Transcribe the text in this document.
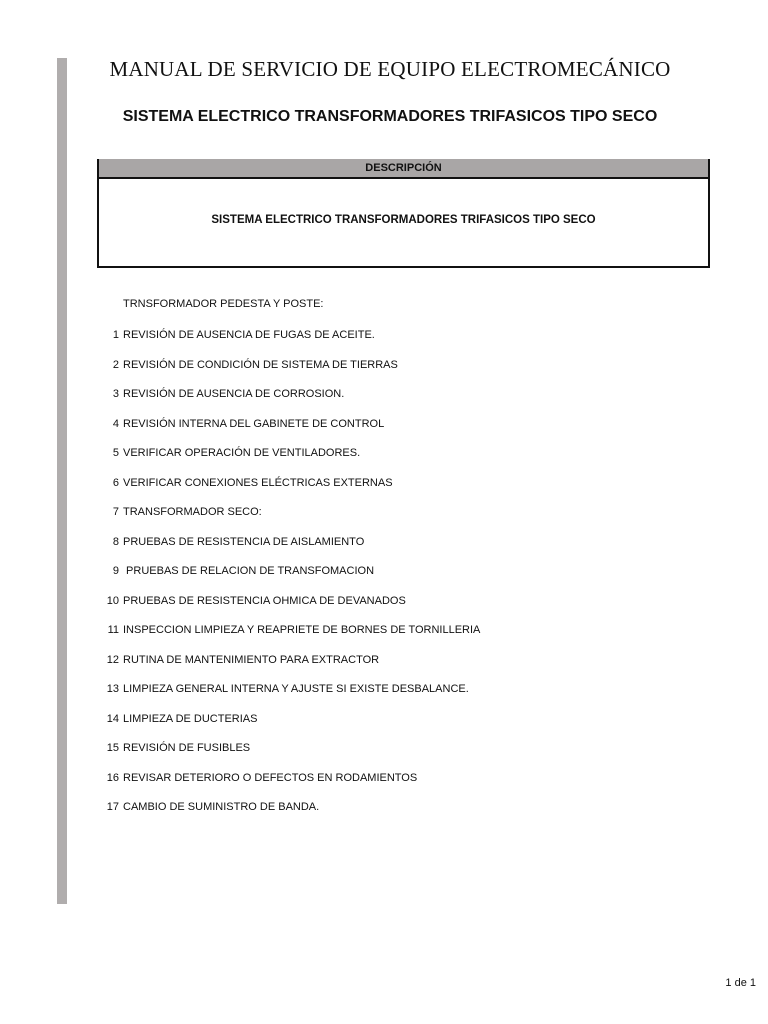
MANUAL DE SERVICIO DE EQUIPO ELECTROMECÁNICO
SISTEMA ELECTRICO TRANSFORMADORES TRIFASICOS TIPO SECO
DESCRIPCIÓN
SISTEMA ELECTRICO TRANSFORMADORES TRIFASICOS TIPO SECO
TRNSFORMADOR PEDESTA Y POSTE:
1 REVISIÓN DE AUSENCIA DE FUGAS DE ACEITE.
2 REVISIÓN DE CONDICIÓN DE SISTEMA DE TIERRAS
3 REVISIÓN DE AUSENCIA DE CORROSION.
4 REVISIÓN INTERNA DEL GABINETE DE CONTROL
5 VERIFICAR OPERACIÓN DE VENTILADORES.
6 VERIFICAR CONEXIONES ELÉCTRICAS EXTERNAS
7 TRANSFORMADOR SECO:
8 PRUEBAS DE RESISTENCIA DE AISLAMIENTO
9 PRUEBAS DE RELACION DE TRANSFOMACION
10 PRUEBAS DE RESISTENCIA OHMICA DE DEVANADOS
11 INSPECCION LIMPIEZA Y REAPRIETE DE BORNES DE TORNILLERIA
12 RUTINA DE MANTENIMIENTO PARA EXTRACTOR
13 LIMPIEZA GENERAL INTERNA Y AJUSTE SI EXISTE DESBALANCE.
14 LIMPIEZA DE DUCTERIAS
15 REVISIÓN DE FUSIBLES
16 REVISAR DETERIORO O DEFECTOS EN RODAMIENTOS
17 CAMBIO DE SUMINISTRO DE BANDA.
1 de 1
